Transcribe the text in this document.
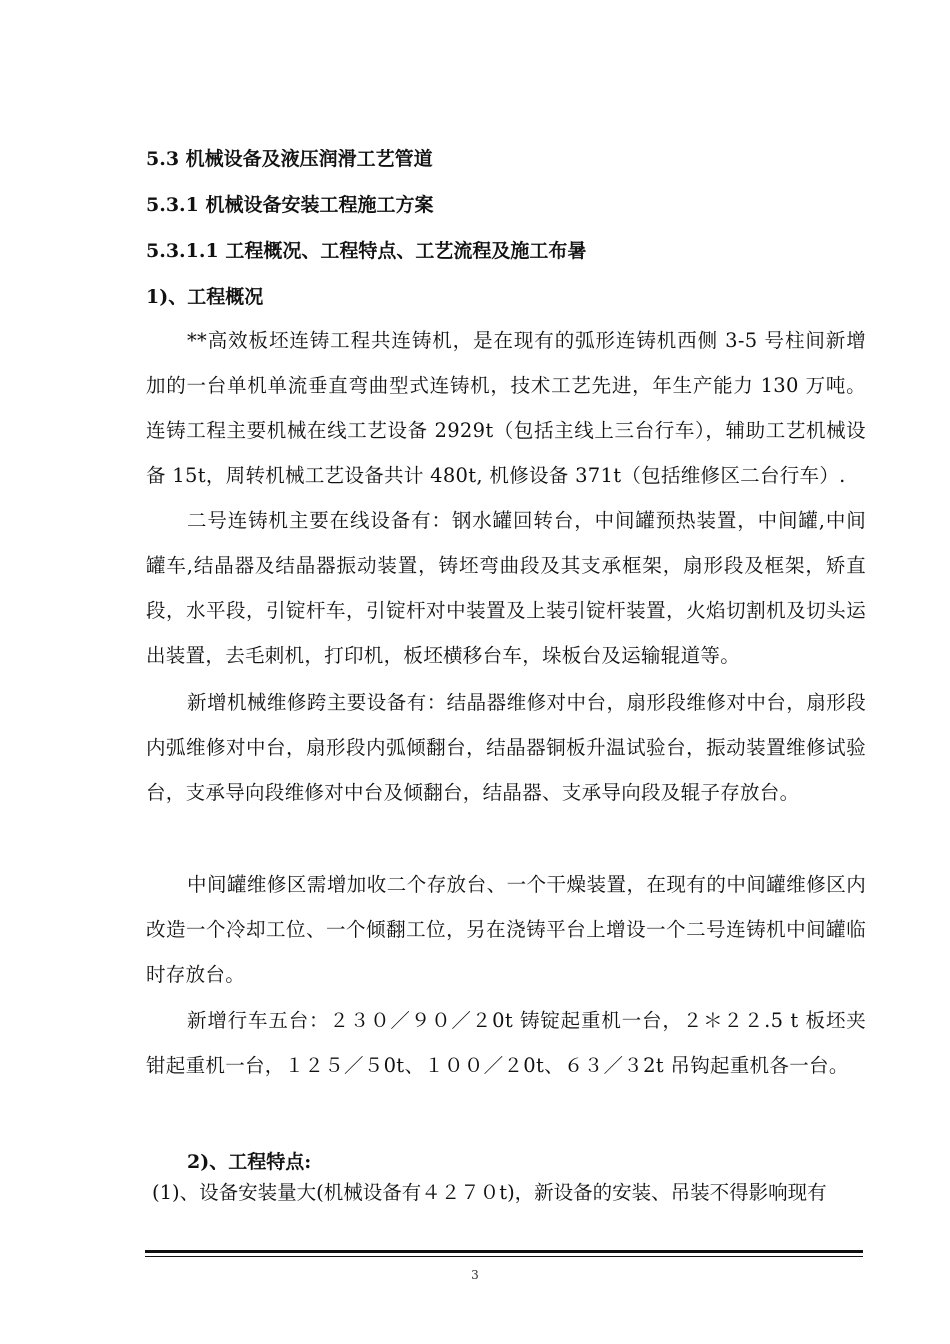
5.3 机械设备及液压润滑工艺管道
5.3.1 机械设备安装工程施工方案
5.3.1.1 工程概况、工程特点、工艺流程及施工布暑
1)、工程概况
**高效板坯连铸工程共连铸机，是在现有的弧形连铸机西侧 3-5 号柱间新增加的一台单机单流垂直弯曲型式连铸机，技术工艺先进，年生产能力 130 万吨。连铸工程主要机械在线工艺设备 2929t（包括主线上三台行车），辅助工艺机械设备 15t，周转机械工艺设备共计 480t, 机修设备 371t（包括维修区二台行车）.
二号连铸机主要在线设备有：钢水罐回转台，中间罐预热装置，中间罐,中间罐车,结晶器及结晶器振动装置，铸坯弯曲段及其支承框架，扇形段及框架，矫直段，水平段，引锭杆车，引锭杆对中装置及上装引锭杆装置，火焰切割机及切头运出装置，去毛刺机，打印机，板坯横移台车，垛板台及运输辊道等。
新增机械维修跨主要设备有：结晶器维修对中台，扇形段维修对中台，扇形段内弧维修对中台，扇形段内弧倾翻台，结晶器铜板升温试验台，振动装置维修试验台，支承导向段维修对中台及倾翻台，结晶器、支承导向段及辊子存放台。
中间罐维修区需增加收二个存放台、一个干燥装置，在现有的中间罐维修区内改造一个冷却工位、一个倾翻工位，另在浇铸平台上增设一个二号连铸机中间罐临时存放台。
新增行车五台：２３０／９０／２0t 铸锭起重机一台，２＊２２.5 t 板坯夹钳起重机一台，１２５／５0t、１００／２0t、６３／３2t 吊钩起重机各一台。
2)、工程特点:
(1)、设备安装量大(机械设备有４２７０t)，新设备的安装、吊装不得影响现有
3
